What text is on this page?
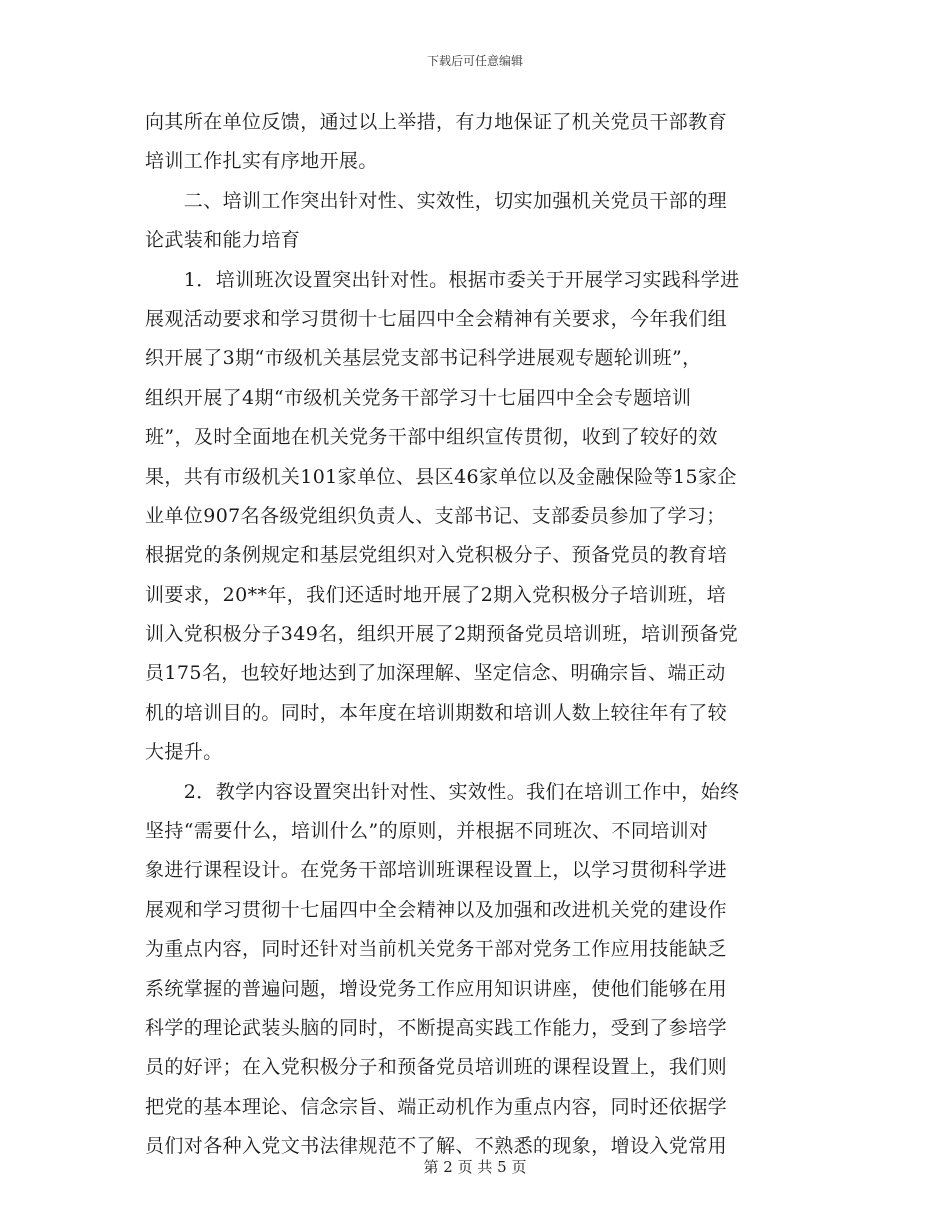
下载后可任意编辑
向其所在单位反馈，通过以上举措，有力地保证了机关党员干部教育
培训工作扎实有序地开展。
　　二、培训工作突出针对性、实效性，切实加强机关党员干部的理
论武装和能力培育
　　1．培训班次设置突出针对性。根据市委关于开展学习实践科学进
展观活动要求和学习贯彻十七届四中全会精神有关要求，今年我们组
织开展了3期“市级机关基层党支部书记科学进展观专题轮训班”，
组织开展了4期“市级机关党务干部学习十七届四中全会专题培训
班”，及时全面地在机关党务干部中组织宣传贯彻，收到了较好的效
果，共有市级机关101家单位、县区46家单位以及金融保险等15家企
业单位907名各级党组织负责人、支部书记、支部委员参加了学习；
根据党的条例规定和基层党组织对入党积极分子、预备党员的教育培
训要求，20**年，我们还适时地开展了2期入党积极分子培训班，培
训入党积极分子349名，组织开展了2期预备党员培训班，培训预备党
员175名，也较好地达到了加深理解、坚定信念、明确宗旨、端正动
机的培训目的。同时，本年度在培训期数和培训人数上较往年有了较
大提升。
　　2．教学内容设置突出针对性、实效性。我们在培训工作中，始终
坚持“需要什么，培训什么”的原则，并根据不同班次、不同培训对
象进行课程设计。在党务干部培训班课程设置上，以学习贯彻科学进
展观和学习贯彻十七届四中全会精神以及加强和改进机关党的建设作
为重点内容，同时还针对当前机关党务干部对党务工作应用技能缺乏
系统掌握的普遍问题，增设党务工作应用知识讲座，使他们能够在用
科学的理论武装头脑的同时，不断提高实践工作能力，受到了参培学
员的好评；在入党积极分子和预备党员培训班的课程设置上，我们则
把党的基本理论、信念宗旨、端正动机作为重点内容，同时还依据学
员们对各种入党文书法律规范不了解、不熟悉的现象，增设入党常用
第 2 页 共 5 页
